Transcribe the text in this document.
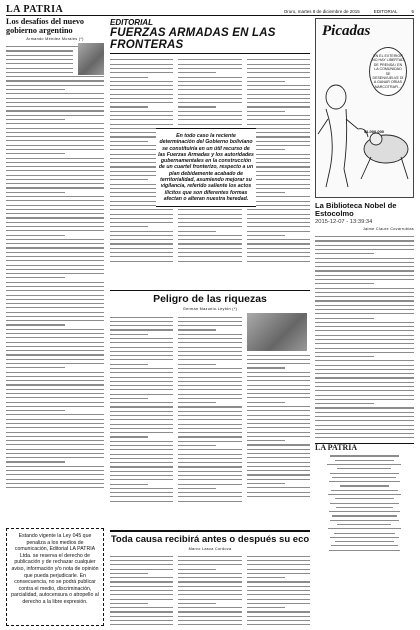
LA PATRIA	Oruro, martes 8 de diciembre de 2015	EDITORIAL	5
Los desafíos del nuevo gobierno argentino
Armando Méndez Morales (*)
Estando vigente la Ley 045 que penaliza a los medios de comunicación, Editorial LA PATRIA Ltda. se reserva el derecho de publicación y de rechazar cualquier aviso, información y/o nota de opinión que pueda perjudicarle. En consecuencia, no se podrá publicar contra el medio, discriminación, parcialidad, autocensura o atropello al derecho a la libre expresión.
EDITORIAL
FUERZAS ARMADAS EN LAS FRONTERAS
Peligro de las riquezas
Germán Mazuelo-Leytón (*)
Toda causa recibirá antes o después su eco
Marco Lasca Cordova
En todo caso la reciente determinación del Gobierno boliviano se constituiría en un útil recurso de las Fuerzas Armadas y los autoridades gubernamentales en la construcción de un cuartel fronterizo, respecto a un plan debidamente acabado de territorialidad, asumiendo mejorar su vigilancia, referido saliente los actos ilícitos que son diferentes formas afectan o alteran nuestra heredad.
Picadas
EN EL EXTERIOR NO HAY LIBERTAD DE PRENSA / EN LA COMUNIDAD SE DESENVUELVE DÍ A GANAR ORÍAS NARCOTRAFI...
$1.000.000
La Biblioteca Nobel de Estocolmo
2015-12-07 - 13:39:34
Jaime Claure Covarrubias
LA PATRIA
